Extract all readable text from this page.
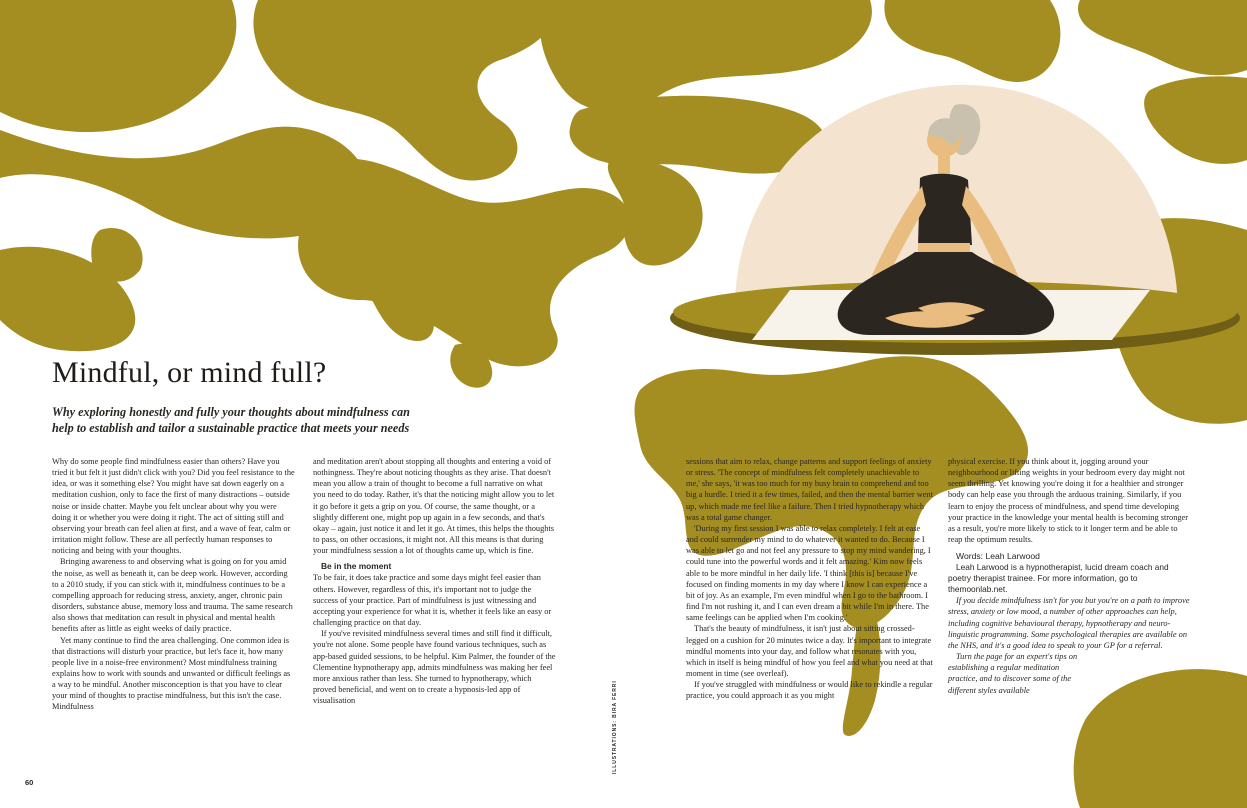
Mindful, or mind full?

Why exploring honestly and fully your thoughts about mindfulness can help to establish and tailor a sustainable practice that meets your needs

Why do some people find mindfulness easier than others? Have you tried it but felt it just didn't click with you? Did you feel resistance to the idea, or was it something else? You might have sat down eagerly on a meditation cushion, only to face the first of many distractions – outside noise or inside chatter. Maybe you felt unclear about why you were doing it or whether you were doing it right. The act of sitting still and observing your breath can feel alien at first, and a wave of fear, calm or irritation might follow. These are all perfectly human responses to noticing and being with your thoughts.

Bringing awareness to and observing what is going on for you amid the noise, as well as beneath it, can be deep work. However, according to a 2010 study, if you can stick with it, mindfulness continues to be a compelling approach for reducing stress, anxiety, anger, chronic pain disorders, substance abuse, memory loss and trauma. The same research also shows that meditation can result in physical and mental health benefits after as little as eight weeks of daily practice.

Yet many continue to find the area challenging. One common idea is that distractions will disturb your practice, but let's face it, how many people live in a noise-free environment? Most mindfulness training explains how to work with sounds and unwanted or difficult feelings as a way to be mindful. Another misconception is that you have to clear your mind of thoughts to practise mindfulness, but this isn't the case. Mindfulness

and meditation aren't about stopping all thoughts and entering a void of nothingness. They're about noticing thoughts as they arise. That doesn't mean you allow a train of thought to become a full narrative on what you need to do today. Rather, it's that the noticing might allow you to let it go before it gets a grip on you. Of course, the same thought, or a slightly different one, might pop up again in a few seconds, and that's okay – again, just notice it and let it go. At times, this helps the thoughts to pass, on other occasions, it might not. All this means is that during your mindfulness session a lot of thoughts came up, which is fine.

Be in the moment

To be fair, it does take practice and some days might feel easier than others. However, regardless of this, it's important not to judge the success of your practice. Part of mindfulness is just witnessing and accepting your experience for what it is, whether it feels like an easy or challenging practice on that day.

If you've revisited mindfulness several times and still find it difficult, you're not alone. Some people have found various techniques, such as app-based guided sessions, to be helpful. Kim Palmer, the founder of the Clementine hypnotherapy app, admits mindfulness was making her feel more anxious rather than less. She turned to hypnotherapy, which proved beneficial, and went on to create a hypnosis-led app of visualisation

sessions that aim to relax, change patterns and support feelings of anxiety or stress. 'The concept of mindfulness felt completely unachievable to me,' she says, 'it was too much for my busy brain to comprehend and too big a hurdle. I tried it a few times, failed, and then the mental barrier went up, which made me feel like a failure. Then I tried hypnotherapy which was a total game changer.

'During my first session I was able to relax completely. I felt at ease and could surrender my mind to do whatever it wanted to do. Because I was able to let go and not feel any pressure to stop my mind wandering, I could tune into the powerful words and it felt amazing.' Kim now feels able to be more mindful in her daily life. 'I think [this is] because I've focused on finding moments in my day where I know I can experience a bit of joy. As an example, I'm even mindful when I go to the bathroom. I find I'm not rushing it, and I can even dream a bit while I'm in there. The same feelings can be applied when I'm cooking.'

That's the beauty of mindfulness, it isn't just about sitting crossed-legged on a cushion for 20 minutes twice a day. It's important to integrate mindful moments into your day, and follow what resonates with you, which in itself is being mindful of how you feel and what you need at that moment in time (see overleaf).

If you've struggled with mindfulness or would like to rekindle a regular practice, you could approach it as you might

physical exercise. If you think about it, jogging around your neighbourhood or lifting weights in your bedroom every day might not seem thrilling. Yet knowing you're doing it for a healthier and stronger body can help ease you through the arduous training. Similarly, if you learn to enjoy the process of mindfulness, and spend time developing your practice in the knowledge your mental health is becoming stronger as a result, you're more likely to stick to it longer term and be able to reap the optimum results.

Words: Leah Larwood

Leah Larwood is a hypnotherapist, lucid dream coach and poetry therapist trainee. For more information, go to themoonlab.net.

If you decide mindfulness isn't for you but you're on a path to improve stress, anxiety or low mood, a number of other approaches can help, including cognitive behavioural therapy, hypnotherapy and neuro-linguistic programming. Some psychological therapies are available on the NHS, and it's a good idea to speak to your GP for a referral.

Turn the page for an expert's tips on establishing a regular meditation practice, and to discover some of the different styles available

ILLUSTRATIONS: BIRA FERRI
60
